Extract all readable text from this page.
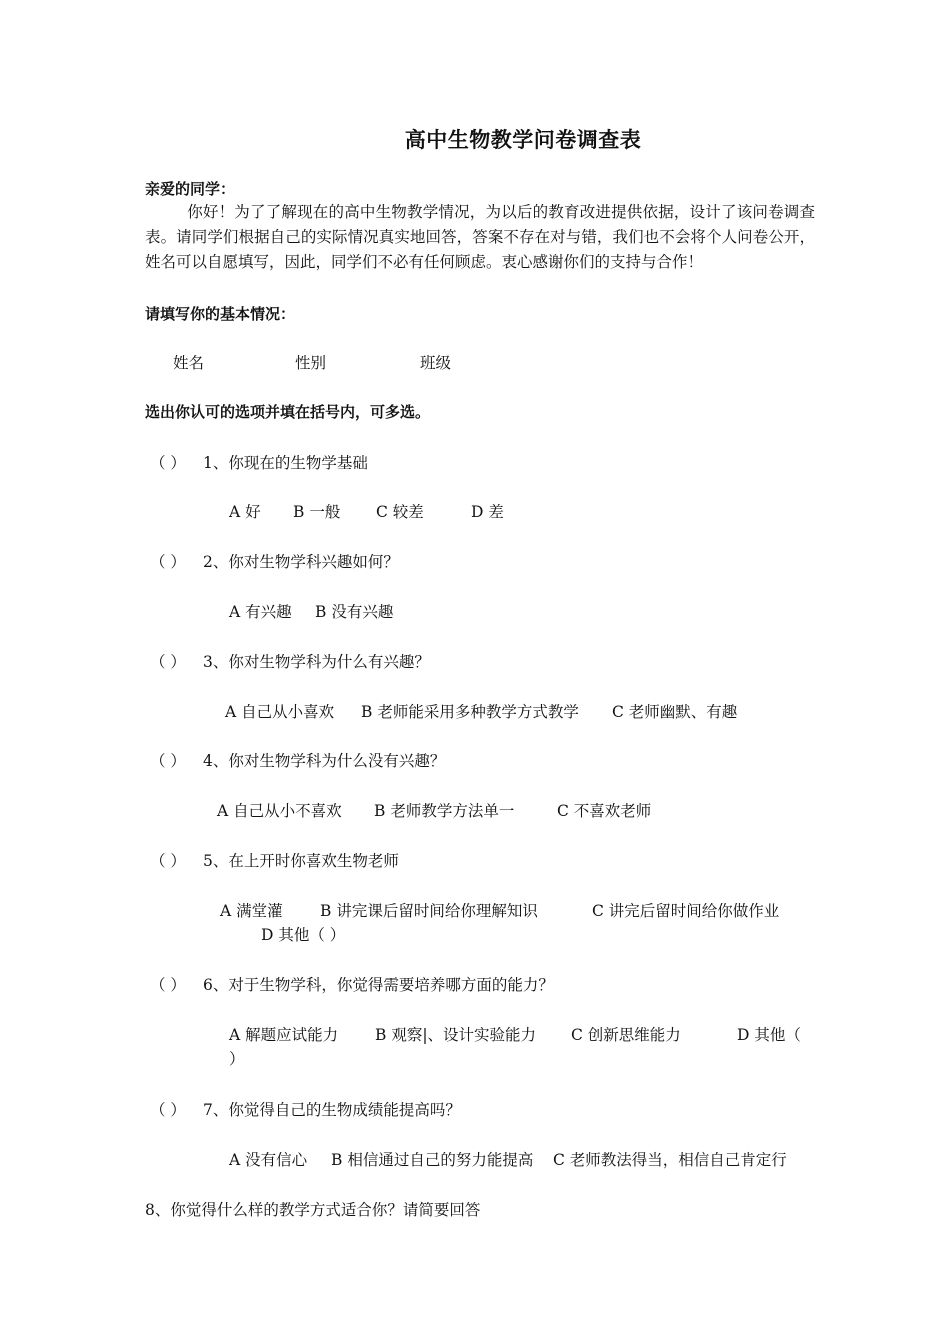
高中生物教学问卷调查表
亲爱的同学：
你好！为了了解现在的高中生物教学情况，为以后的教育改进提供依据，设计了该问卷调查表。请同学们根据自己的实际情况真实地回答，答案不存在对与错，我们也不会将个人问卷公开，姓名可以自愿填写，因此，同学们不必有任何顾虑。衷心感谢你们的支持与合作！
请填写你的基本情况：
姓名	性别	班级
选出你认可的选项并填在括号内，可多选。
（ ） 1、你现在的生物学基础
A 好 B 一般 C 较差	D 差
（ ） 2、你对生物学科兴趣如何？
A 有兴趣 B 没有兴趣
（ ） 3、你对生物学科为什么有兴趣？
A 自己从小喜欢 B 老师能采用多种教学方式教学 C 老师幽默、有趣
（ ） 4、你对生物学科为什么没有兴趣？
A 自己从小不喜欢 B 老师教学方法单一	C 不喜欢老师
（ ） 5、在上开时你喜欢生物老师
A 满堂灌 B 讲完课后留时间给你理解知识	C 讲完后留时间给你做作业
D 其他（ ）
（ ） 6、对于生物学科，你觉得需要培养哪方面的能力？
A 解题应试能力 B 观察|、设计实验能力 C 创新思维能力	D 其他（
）
（ ） 7、你觉得自己的生物成绩能提高吗？
A 没有信心 B 相信通过自己的努力能提高 C 老师教法得当，相信自己肯定行
8、你觉得什么样的教学方式适合你？请简要回答
